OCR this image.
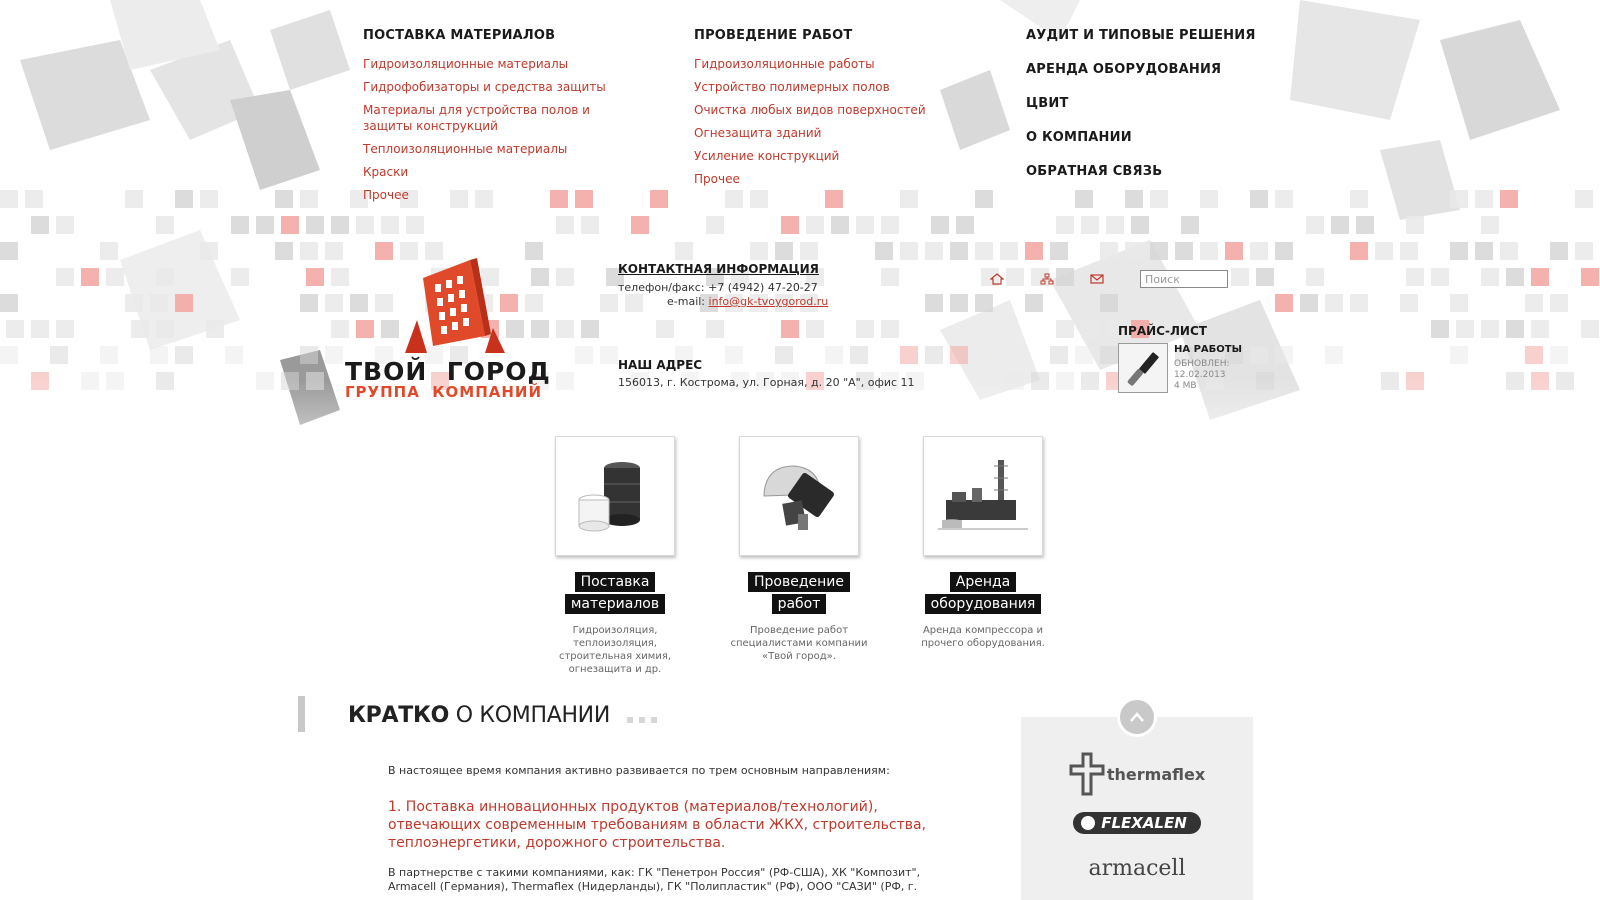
ПОСТАВКА МАТЕРИАЛОВ
Гидроизоляционные материалы
Гидрофобизаторы и средства защиты
Материалы для устройства полов и защиты конструкций
Теплоизоляционные материалы
Краски
Прочее
ПРОВЕДЕНИЕ РАБОТ
Гидроизоляционные работы
Устройство полимерных полов
Очистка любых видов поверхностей
Огнезащита зданий
Усиление конструкций
Прочее
АУДИТ И ТИПОВЫЕ РЕШЕНИЯ
АРЕНДА ОБОРУДОВАНИЯ
ЦВИТ
О КОМПАНИИ
ОБРАТНАЯ СВЯЗЬ
ТВОЙ  ГОРОД
ГРУППА  КОМПАНИЙ
КОНТАКТНАЯ ИНФОРМАЦИЯ
телефон/факс: +7 (4942) 47-20-27
e-mail: info@gk-tvoygorod.ru
НАШ АДРЕС
156013, г. Кострома, ул. Горная, д. 20 "А", офис 11
Поиск
ПРАЙС-ЛИСТ
НА РАБОТЫ
ОБНОВЛЕН:
12.02.2013
4 MB
Поставка
материалов
Гидроизоляция, теплоизоляция, строительная химия, огнезащита и др.
Проведение
работ
Проведение работ специалистами компании «Твой город».
Аренда
оборудования
Аренда компрессора и прочего оборудования.
КРАТКО О КОМПАНИИ
В настоящее время компания активно развивается по трем основным направлениям:
1. Поставка инновационных продуктов (материалов/технологий), отвечающих современным требованиям в области ЖКХ, строительства, теплоэнергетики, дорожного строительства.
В партнерстве с такими компаниями, как: ГК "Пенетрон Россия" (РФ-США), ХК "Композит", Armacell (Германия), Thermaflex (Нидерланды), ГК "Полипластик" (РФ), ООО "САЗИ" (РФ, г.
thermaflex
FLEXALEN
armacell
